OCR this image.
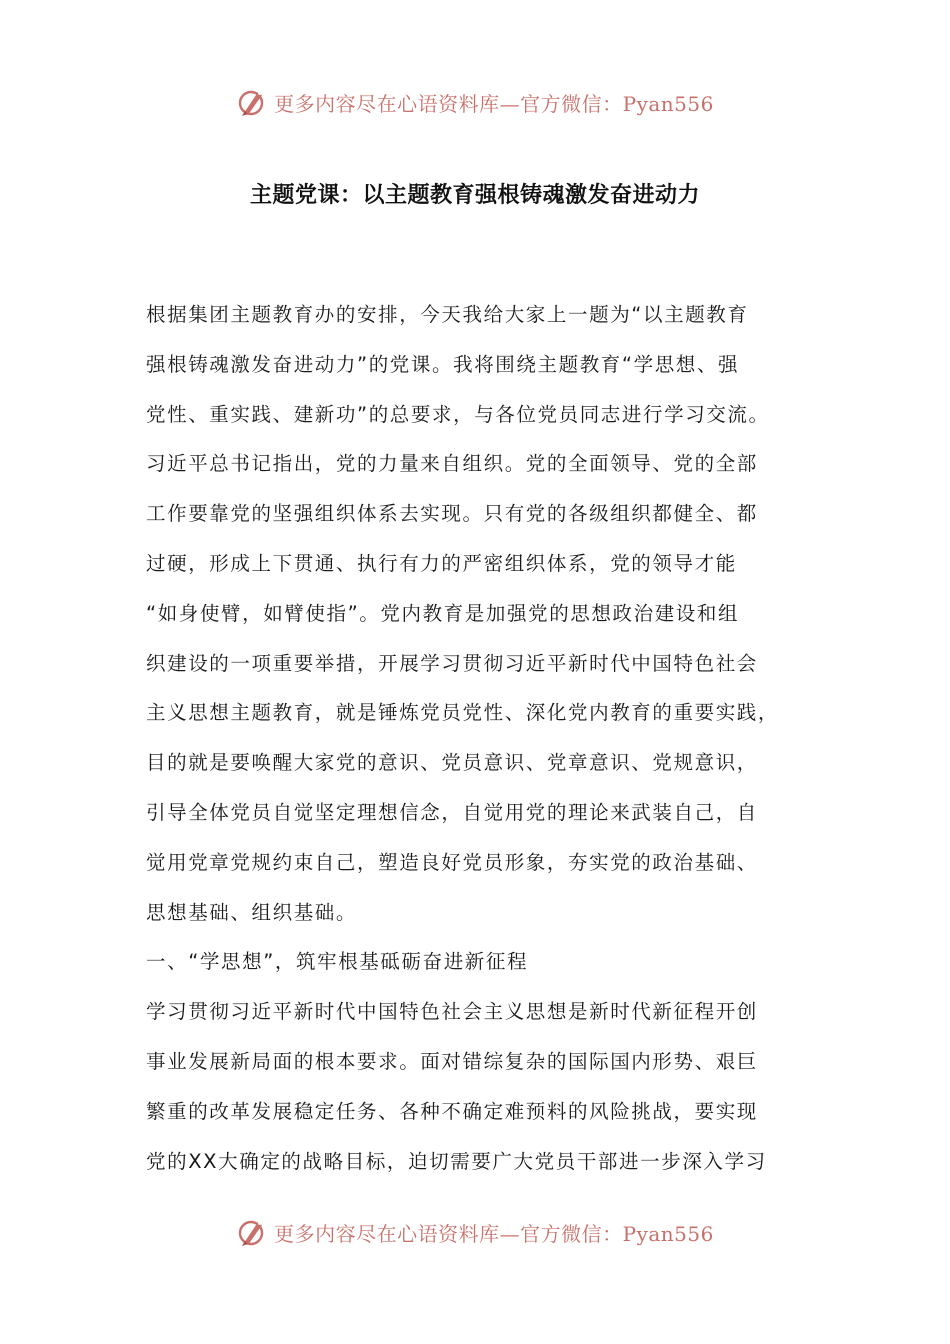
更多内容尽在心语资料库—官方微信：Pyan556
主题党课：以主题教育强根铸魂激发奋进动力
根据集团主题教育办的安排，今天我给大家上一题为“以主题教育
强根铸魂激发奋进动力”的党课。我将围绕主题教育“学思想、强
党性、重实践、建新功”的总要求，与各位党员同志进行学习交流。
习近平总书记指出，党的力量来自组织。党的全面领导、党的全部
工作要靠党的坚强组织体系去实现。只有党的各级组织都健全、都
过硬，形成上下贯通、执行有力的严密组织体系，党的领导才能
“如身使臂，如臂使指”。党内教育是加强党的思想政治建设和组
织建设的一项重要举措，开展学习贯彻习近平新时代中国特色社会
主义思想主题教育，就是锤炼党员党性、深化党内教育的重要实践，
目的就是要唤醒大家党的意识、党员意识、党章意识、党规意识，
引导全体党员自觉坚定理想信念，自觉用党的理论来武装自己，自
觉用党章党规约束自己，塑造良好党员形象，夯实党的政治基础、
思想基础、组织基础。
一、“学思想”，筑牢根基砥砺奋进新征程
学习贯彻习近平新时代中国特色社会主义思想是新时代新征程开创
事业发展新局面的根本要求。面对错综复杂的国际国内形势、艰巨
繁重的改革发展稳定任务、各种不确定难预料的风险挑战，要实现
党的XX大确定的战略目标，迫切需要广大党员干部进一步深入学习
更多内容尽在心语资料库—官方微信：Pyan556
